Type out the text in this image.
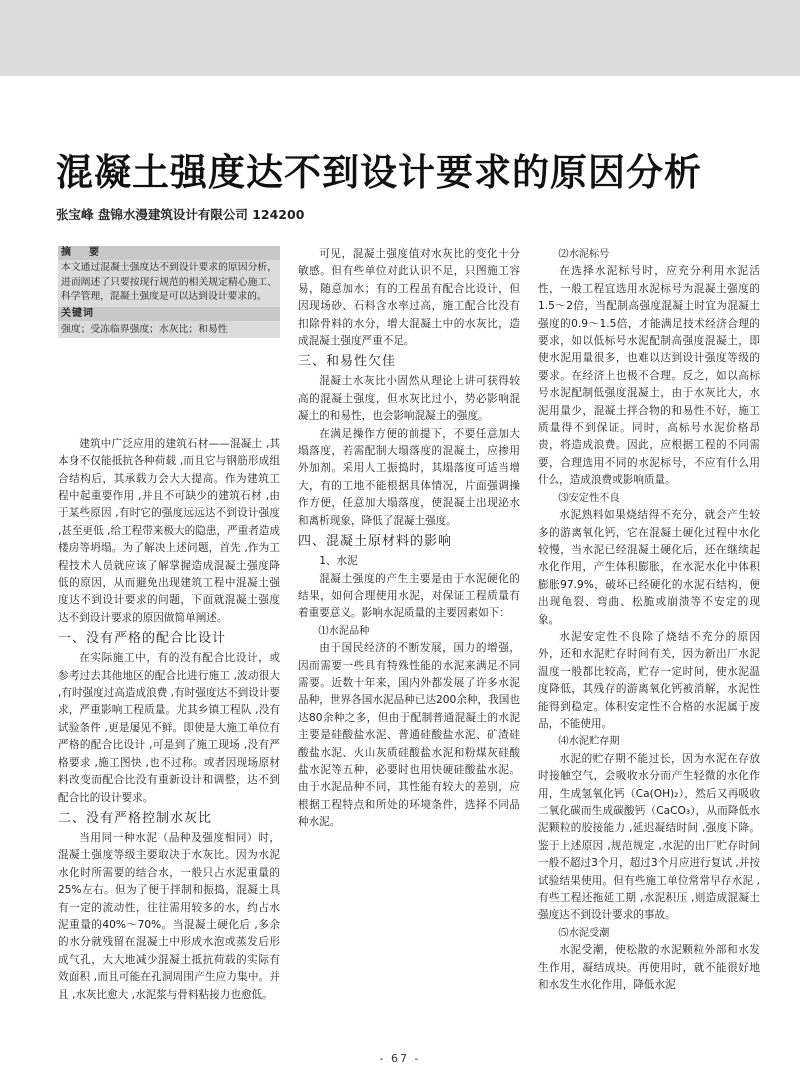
混凝土强度达不到设计要求的原因分析
张宝峰 盘锦水漫建筑设计有限公司 124200
摘　要
本文通过混凝土强度达不到设计要求的原因分析，进而阐述了只要按现行规范的相关规定精心施工、科学管理，混凝土强度是可以达到设计要求的。
关键词
强度；受冻临界强度；水灰比；和易性

建筑中广泛应用的建筑石材——混凝土 ,其本身不仅能抵抗各种荷载 ,而且它与钢筋形成组合结构后，其承载力会大大提高。作为建筑工程中起重要作用 ,并且不可缺少的建筑石材 ,由于某些原因 ,有时它的强度远远达不到设计强度 ,甚至更低 ,给工程带来极大的隐患，严重者造成楼房等坍塌。为了解决上述问题，首先 ,作为工程技术人员就应该了解掌握造成混凝土强度降低的原因，从而避免出现建筑工程中混凝土强度达不到设计要求的问题，下面就混凝土强度达不到设计要求的原因做简单阐述。

一、没有严格的配合比设计

在实际施工中，有的没有配合比设计，或参考过去其他地区的配合比进行施工 ,波动很大 ,有时强度过高造成浪费 ,有时强度达不到设计要求，严重影响工程质量。尤其乡镇工程队 ,没有试验条件 ,更是屡见不鲜。即使是大施工单位有严格的配合比设计 ,可是到了施工现场 ,没有严格要求 ,施工图快 ,也不过称。或者因现场原材料改变而配合比没有重新设计和调整，达不到配合比的设计要求。

二、没有严格控制水灰比

当用同一种水泥（品种及强度相同）时，混凝土强度等级主要取决于水灰比。因为水泥水化时所需要的结合水，一般只占水泥重量的25%左右。但为了便于拌制和振捣，混凝土具有一定的流动性，往往需用较多的水，约占水泥重量的40%～70%。当混凝土硬化后 ,多余的水分就残留在混凝土中形成水泡或蒸发后形成气孔，大大地减少混凝土抵抗荷载的实际有效面积 ,而且可能在孔洞周围产生应力集中。并且 ,水灰比愈大 ,水泥浆与骨料粘接力也愈低。

可见，混凝土强度值对水灰比的变化十分敏感。但有些单位对此认识不足，只图施工容易，随意加水；有的工程虽有配合比设计，但因现场砂、石料含水率过高，施工配合比没有扣除骨料的水分，增大混凝土中的水灰比，造成混凝土强度严重不足。

三、和易性欠佳

混凝土水灰比小固然从理论上讲可获得较高的混凝土强度，但水灰比过小，势必影响混凝土的和易性，也会影响混凝土的强度。

在满足操作方便的前提下，不要任意加大塌落度，若需配制大塌落度的混凝土，应掺用外加剂。采用人工振捣时，其塌落度可适当增大，有的工地不能根据具体情况，片面强调操作方便，任意加大塌落度，使混凝土出现泌水和离析现象，降低了混凝土强度。

四、混凝土原材料的影响
1、水泥

混凝土强度的产生主要是由于水泥硬化的结果，如何合理使用水泥，对保证工程质量有着重要意义。影响水泥质量的主要因素如下：

⑴水泥品种

由于国民经济的不断发展，国力的增强，因而需要一些具有特殊性能的水泥来满足不同需要。近数十年来，国内外都发展了许多水泥品种，世界各国水泥品种已达200余种，我国也达80余种之多，但由于配制普通混凝土的水泥主要是硅酸盐水泥、普通硅酸盐水泥、矿渣硅酸盐水泥、火山灰质硅酸盐水泥和粉煤灰硅酸盐水泥等五种，必要时也用快硬硅酸盐水泥。由于水泥品种不同，其性能有较大的差别，应根据工程特点和所处的环境条件，选择不同品种水泥。

⑵水泥标号

在选择水泥标号时，应充分利用水泥活性，一般工程宜选用水泥标号为混凝土强度的1.5～2倍，当配制高强度混凝土时宜为混凝土强度的0.9～1.5倍，才能满足技术经济合理的要求，如以低标号水泥配制高强度混凝土，即使水泥用量很多，也难以达到设计强度等级的要求。在经济上也极不合理。反之，如以高标号水泥配制低强度混凝土，由于水灰比大，水泥用量少，混凝土拌合物的和易性不好，施工质量得不到保证。同时，高标号水泥价格昂贵，将造成浪费。因此，应根据工程的不同需要，合理选用不同的水泥标号，不应有什么用什么，造成浪费或影响质量。

⑶安定性不良

水泥熟料如果烧结得不充分，就会产生较多的游离氧化钙，它在混凝土硬化过程中水化较慢，当水泥已经混凝土硬化后，还在继续起水化作用，产生体积膨胀，在水泥水化中体积膨胀97.9%，破坏已经硬化的水泥石结构，便出现龟裂、弯曲、松脆或崩溃等不安定的现象。

水泥安定性不良除了烧结不充分的原因外，还和水泥贮存时间有关，因为新出厂水泥温度一般都比较高，贮存一定时间，使水泥温度降低，其残存的游离氧化钙被消解，水泥性能得到稳定。体积安定性不合格的水泥属于废品，不能使用。

⑷水泥贮存期

水泥的贮存期不能过长，因为水泥在存放时接触空气，会吸收水分而产生轻微的水化作用，生成氢氧化钙（Ca(OH)₂），然后又再吸收二氧化碳而生成碳酸钙（CaCO₃），从而降低水泥颗粒的胶接能力 ,延迟凝结时间 ,强度下降。鉴于上述原因 ,规范规定 ,水泥的出厂贮存时间一般不超过3个月，超过3个月应进行复试 ,并按试验结果使用。但有些施工单位常常早存水泥 ,有些工程还拖延工期 ,水泥积压 ,则造成混凝土强度达不到设计要求的事故。

⑸水泥受潮

水泥受潮，使松散的水泥颗粒外部和水发生作用，凝结成块。再使用时，就不能很好地和水发生水化作用，降低水泥

- 67 -
